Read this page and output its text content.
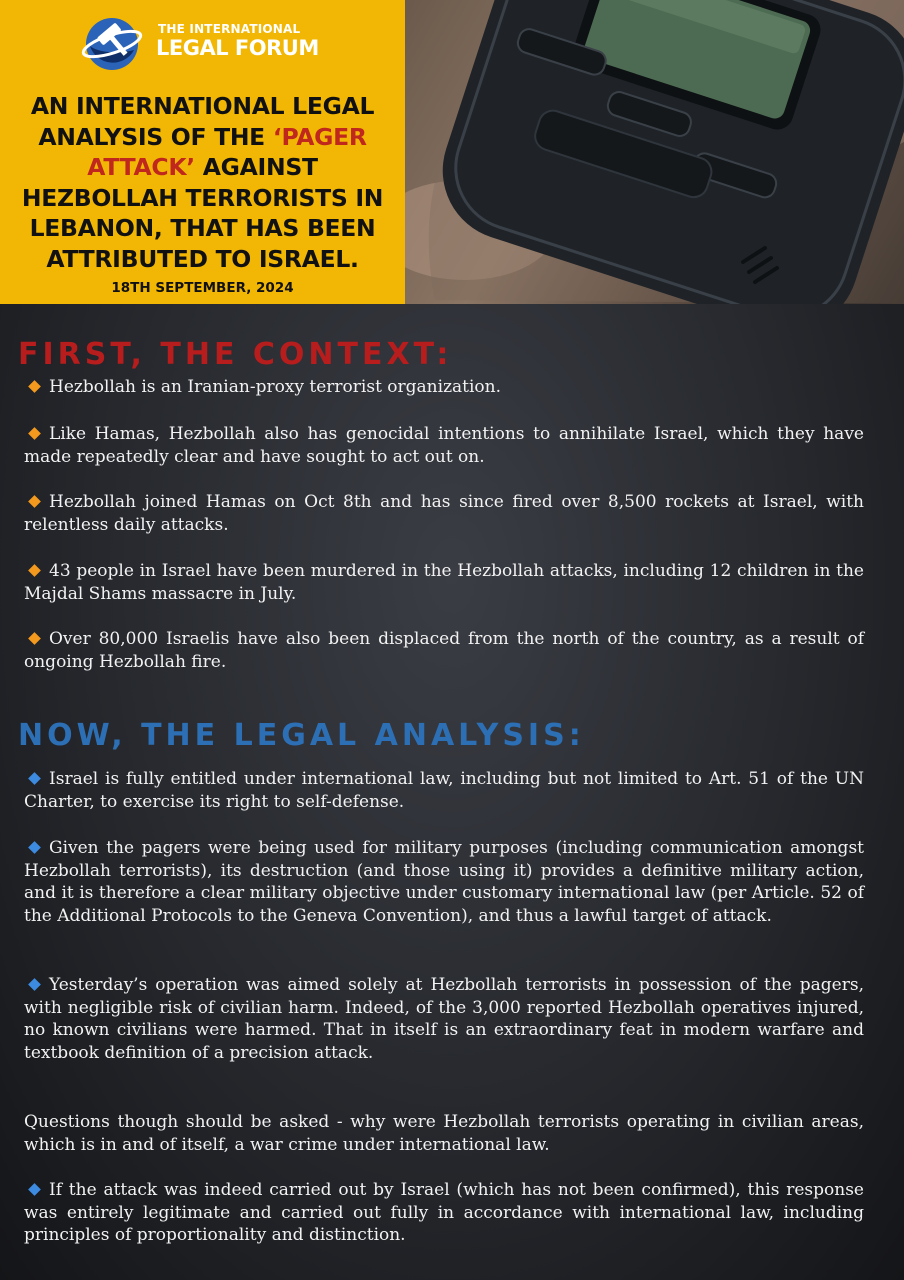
THE INTERNATIONAL
LEGAL FORUM
AN INTERNATIONAL LEGAL ANALYSIS OF THE ‘PAGER ATTACK’ AGAINST HEZBOLLAH TERRORISTS IN LEBANON, THAT HAS BEEN ATTRIBUTED TO ISRAEL.
18TH SEPTEMBER, 2024
FIRST, THE CONTEXT:

Hezbollah is an Iranian-proxy terrorist organization.

Like Hamas, Hezbollah also has genocidal intentions to annihilate Israel, which they have made repeatedly clear and have sought to act out on.

Hezbollah joined Hamas on Oct 8th and has since fired over 8,500 rockets at Israel, with relentless daily attacks.

43 people in Israel have been murdered in the Hezbollah attacks, including 12 children in the Majdal Shams massacre in July.

Over 80,000 Israelis have also been displaced from the north of the country, as a result of ongoing Hezbollah fire.

NOW, THE LEGAL ANALYSIS:

Israel is fully entitled under international law, including but not limited to Art. 51 of the UN Charter, to exercise its right to self-defense.

Given the pagers were being used for military purposes (including communication amongst Hezbollah terrorists), its destruction (and those using it) provides a definitive military action, and it is therefore a clear military objective under customary international law (per Article. 52 of the Additional Protocols to the Geneva Convention), and thus a lawful target of attack.

Yesterday’s operation was aimed solely at Hezbollah terrorists in possession of the pagers, with negligible risk of civilian harm. Indeed, of the 3,000 reported Hezbollah operatives injured, no known civilians were harmed. That in itself is an extraordinary feat in modern warfare and textbook definition of a precision attack.

Questions though should be asked - why were Hezbollah terrorists operating in civilian areas, which is in and of itself, a war crime under international law.

If the attack was indeed carried out by Israel (which has not been confirmed), this response was entirely legitimate and carried out fully in accordance with international law, including principles of proportionality and distinction.
